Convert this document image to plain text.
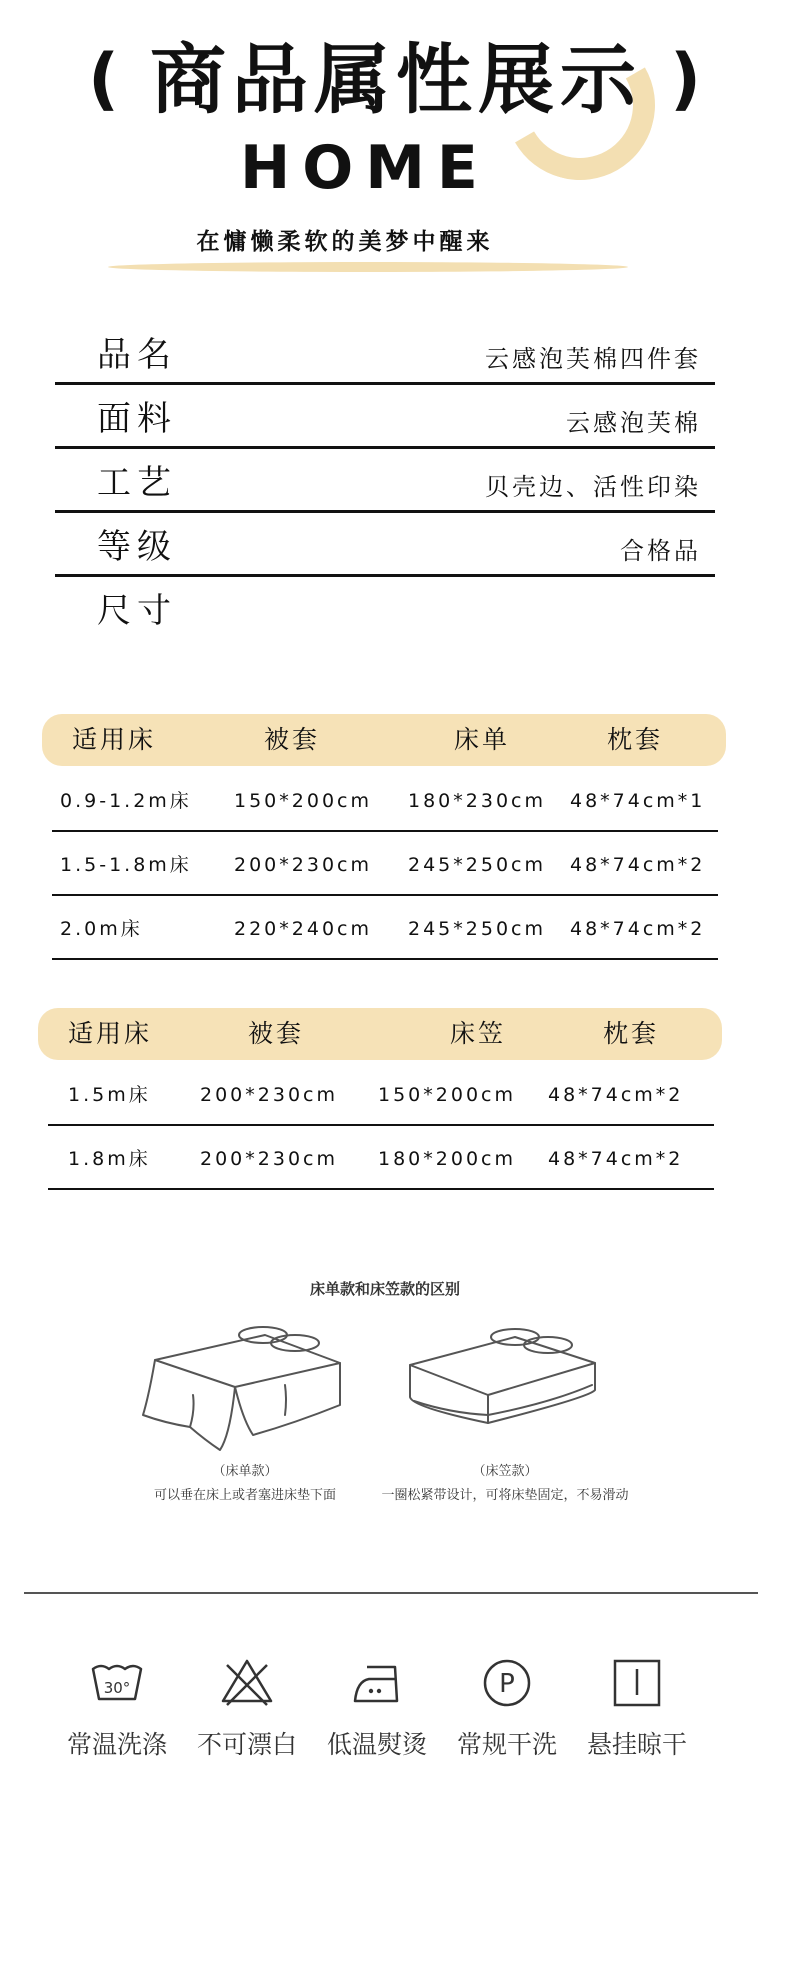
( 商品属性展示 )
HOME
在慵懒柔软的美梦中醒来
品名	云感泡芙棉四件套
面料	云感泡芙棉
工艺	贝壳边、活性印染
等级	合格品
尺寸
适用床	被套	床单	枕套
0.9-1.2m床 150*200cm 180*230cm 48*74cm*1
1.5-1.8m床 200*230cm 245*250cm 48*74cm*2
2.0m床	220*240cm 245*250cm 48*74cm*2
适用床	被套	床笠	枕套
1.5m床	200*230cm 150*200cm 48*74cm*2
1.8m床	200*230cm 180*200cm 48*74cm*2
床单款和床笠款的区别
（床单款）
可以垂在床上或者塞进床垫下面
（床笠款）
一圈松紧带设计，可将床垫固定，不易滑动
30°
常温洗涤	不可漂白	低温熨烫
P
常规干洗	悬挂晾干
